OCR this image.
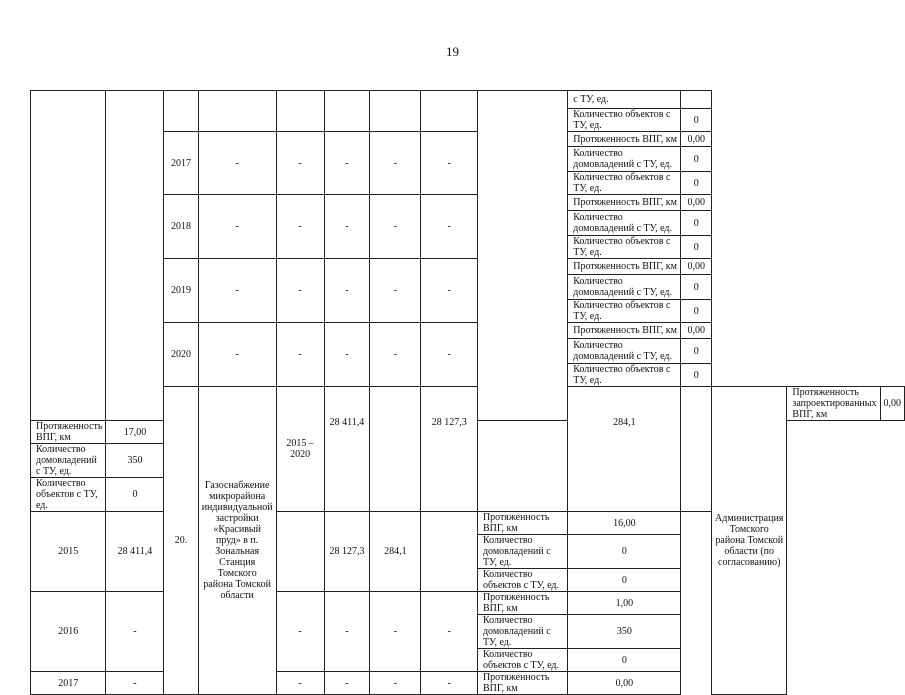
19
									с ТУ, ед.				
									Количество объектов с ТУ, ед.	0			
		2017	-	-	-	-	-		Протяженность ВПГ, км	0,00			
									Количество домовладений с ТУ, ед.	0			
									Количество объектов с ТУ, ед.	0			
		2018	-	-	-	-	-		Протяженность ВПГ, км	0,00			
									Количество домовладений с ТУ, ед.	0			
									Количество объектов с ТУ, ед.	0			
		2019	-	-	-	-	-		Протяженность ВПГ, км	0,00			
									Количество домовладений с ТУ, ед.	0			
									Количество объектов с ТУ, ед.	0			
		2020	-	-	-	-	-		Протяженность ВПГ, км	0,00			
									Количество домовладений с ТУ, ед.	0			
									Количество объектов с ТУ, ед.	0			
		20.	Газоснабжение микрорайона индивидуальной застройки «Красивый пруд» в п. Зональная Станция Томского района Томской области	2015 – 2020	28 411,4		28 127,3		284,1		Администрация Томского района Томской области (по согласованию)	Протяженность запроектированных ВПГ, км	0,00
Протяженность ВПГ, км	17,00												
Количество домовладений с ТУ, ед.	350												
Количество объектов с ТУ, ед.	0												
2015	28 411,4				28 127,3	284,1		Протяженность ВПГ, км	16,00				
								Количество домовладений с ТУ, ед.	0				
								Количество объектов с ТУ, ед.	0				
2016	-			-	-	-	-	Протяженность ВПГ, км	1,00				
								Количество домовладений с ТУ, ед.	350				
								Количество объектов с ТУ, ед.	0				
2017	-			-	-	-	-	Протяженность ВПГ, км	0,00				
